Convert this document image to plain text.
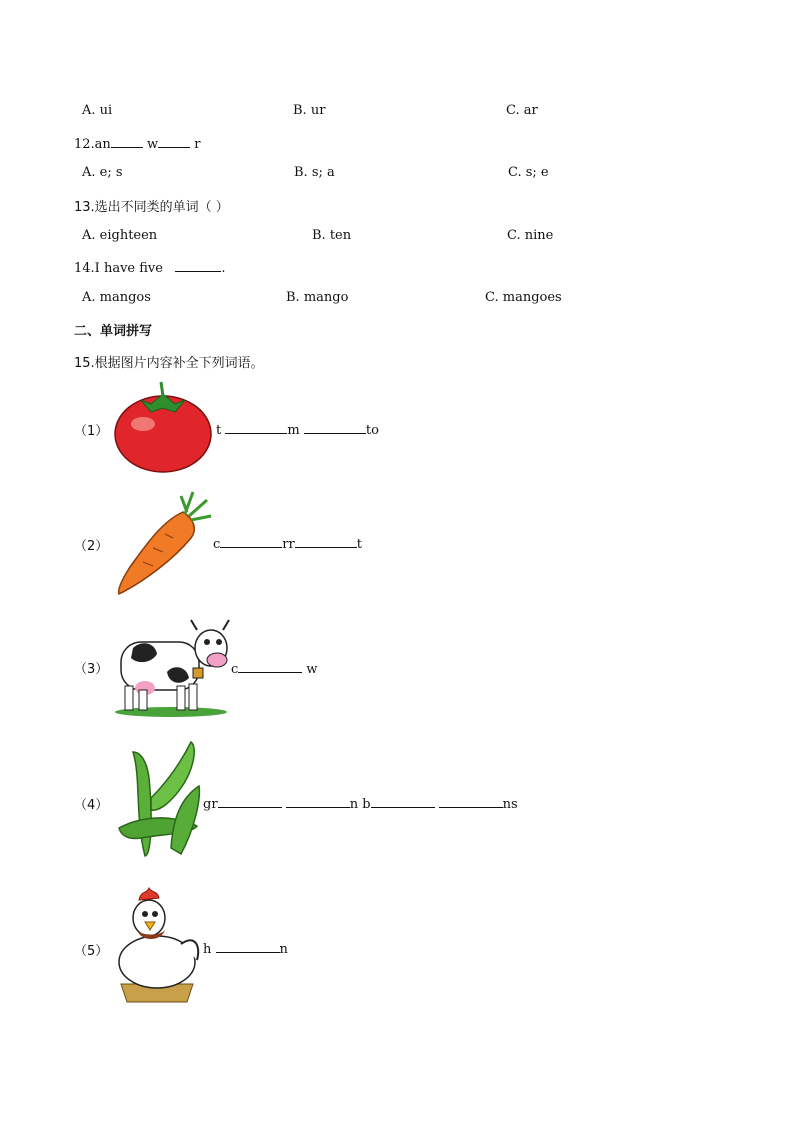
A. ui	B. ur	C. ar
12.an	w	r
A. e; s	B. s; a	C. s; e
13.选出不同类的单词（ ）
A. eighteen	B. ten	C. nine
14.I have five	.
A. mangos	B. mango	C. mangoes
二、单词拼写
15.根据图片内容补全下列词语。
（1）	t	m	to
（2）	c	rr	t
（3）	c	w
（4）	gr	n b	ns
（5）	h	n
